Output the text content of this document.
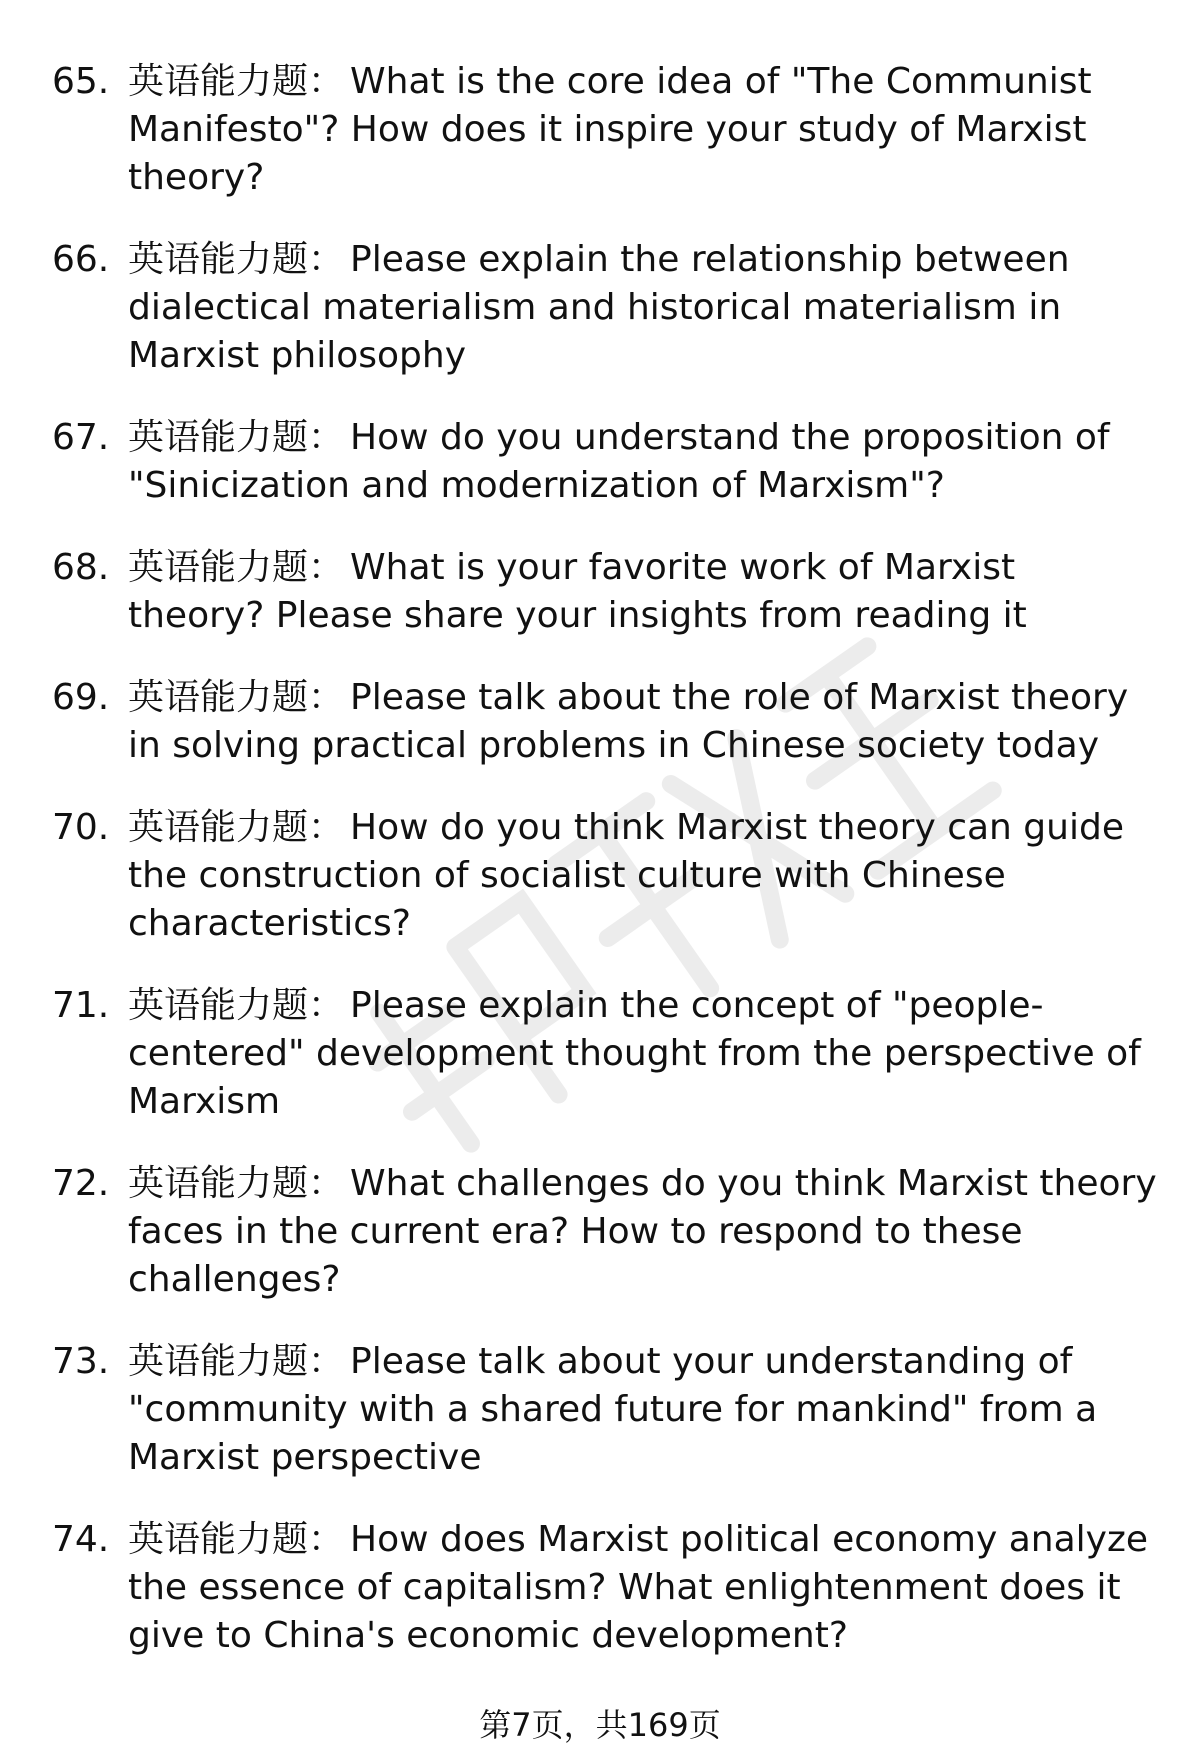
65. 英语能力题： What is the core idea of "The Communist Manifesto"? How does it inspire your study of Marxist theory?
66. 英语能力题： Please explain the relationship between dialectical materialism and historical materialism in Marxist philosophy
67. 英语能力题： How do you understand the proposition of "Sinicization and modernization of Marxism"?
68. 英语能力题： What is your favorite work of Marxist theory? Please share your insights from reading it
69. 英语能力题： Please talk about the role of Marxist theory in solving practical problems in Chinese society today
70. 英语能力题： How do you think Marxist theory can guide the construction of socialist culture with Chinese characteristics?
71. 英语能力题： Please explain the concept of "people-centered" development thought from the perspective of Marxism
72. 英语能力题： What challenges do you think Marxist theory faces in the current era? How to respond to these challenges?
73. 英语能力题： Please talk about your understanding of "community with a shared future for mankind" from a Marxist perspective
74. 英语能力题： How does Marxist political economy analyze the essence of capitalism? What enlightenment does it give to China's economic development?
第7页，共169页
